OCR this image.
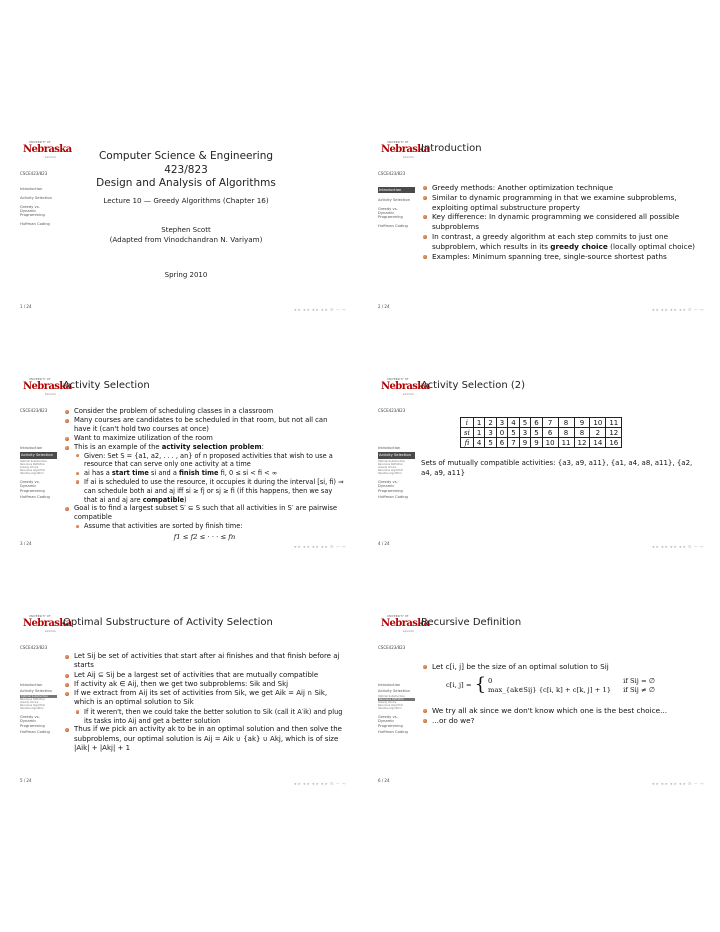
UNIVERSITY OF
Nebraska
Lincoln
CSCE423/823
Introduction
Activity Selection
Greedy vs. Dynamic Programming
Huffman Coding
1 / 24
Computer Science & Engineering 423/823
Design and Analysis of Algorithms
Lecture 10 — Greedy Algorithms (Chapter 16)
Stephen Scott
(Adapted from Vinodchandran N. Variyam)
Spring 2010
◂ ▸ ◂ ▸ ◂ ▸ ◂ ▸ ≡ ∽ ∾
UNIVERSITY OF
Nebraska
Lincoln
Introduction
CSCE423/823
Introduction
Activity Selection
Greedy vs. Dynamic Programming
Huffman Coding
2 / 24
Greedy methods: Another optimization technique
Similar to dynamic programming in that we examine subproblems, exploiting optimal substructure property
Key difference: In dynamic programming we considered all possible subproblems
In contrast, a greedy algorithm at each step commits to just one subproblem, which results in its greedy choice (locally optimal choice)
Examples: Minimum spanning tree, single-source shortest paths
◂ ▸ ◂ ▸ ◂ ▸ ◂ ▸ ≡ ∽ ∾
UNIVERSITY OF
Nebraska
Lincoln
Activity Selection
CSCE423/823
Introduction
Activity Selection
Optimal Substructure
Recursive Definition
Greedy Choice
Recursive Algorithm
Iterative Algorithm
Greedy vs. Dynamic Programming
Huffman Coding
3 / 24
Consider the problem of scheduling classes in a classroom
Many courses are candidates to be scheduled in that room, but not all can have it (can't hold two courses at once)
Want to maximize utilization of the room
This is an example of the activity selection problem:
Given: Set S = {a1, a2, . . . , an} of n proposed activities that wish to use a resource that can serve only one activity at a time
ai has a start time si and a finish time fi, 0 ≤ si < fi < ∞
If ai is scheduled to use the resource, it occupies it during the interval [si, fi) ⇒ can schedule both ai and aj iff si ≥ fj or sj ≥ fi (if this happens, then we say that ai and aj are compatible)
Goal is to find a largest subset S′ ⊆ S such that all activities in S′ are pairwise compatible
Assume that activities are sorted by finish time:
f1 ≤ f2 ≤ · · · ≤ fn
◂ ▸ ◂ ▸ ◂ ▸ ◂ ▸ ≡ ∽ ∾
UNIVERSITY OF
Nebraska
Lincoln
Activity Selection (2)
CSCE423/823
Introduction
Activity Selection
Optimal Substructure
Recursive Definition
Greedy Choice
Recursive Algorithm
Iterative Algorithm
Greedy vs. Dynamic Programming
Huffman Coding
4 / 24
i	1	2	3	4	5	6	7	8	9	10	11
si	1	3	0	5	3	5	6	8	8	2	12
fi	4	5	6	7	9	9	10	11	12	14	16
Sets of mutually compatible activities: {a3, a9, a11}, {a1, a4, a8, a11}, {a2, a4, a9, a11}
◂ ▸ ◂ ▸ ◂ ▸ ◂ ▸ ≡ ∽ ∾
UNIVERSITY OF
Nebraska
Lincoln
Optimal Substructure of Activity Selection
CSCE423/823
Introduction
Activity Selection
Optimal Substructure
Recursive Definition
Greedy Choice
Recursive Algorithm
Iterative Algorithm
Greedy vs. Dynamic Programming
Huffman Coding
5 / 24
Let Sij be set of activities that start after ai finishes and that finish before aj starts
Let Aij ⊆ Sij be a largest set of activities that are mutually compatible
If activity ak ∈ Aij, then we get two subproblems: Sik and Skj
If we extract from Aij its set of activities from Sik, we get Aik = Aij ∩ Sik, which is an optimal solution to Sik
If it weren't, then we could take the better solution to Sik (call it A′ik) and plug its tasks into Aij and get a better solution
Thus if we pick an activity ak to be in an optimal solution and then solve the subproblems, our optimal solution is Aij = Aik ∪ {ak} ∪ Akj, which is of size |Aik| + |Akj| + 1
◂ ▸ ◂ ▸ ◂ ▸ ◂ ▸ ≡ ∽ ∾
UNIVERSITY OF
Nebraska
Lincoln
Recursive Definition
CSCE423/823
Introduction
Activity Selection
Optimal Substructure
Recursive Definition
Greedy Choice
Recursive Algorithm
Iterative Algorithm
Greedy vs. Dynamic Programming
Huffman Coding
6 / 24
Let c[i, j] be the size of an optimal solution to Sij
c[i, j] =	{	0	if Sij = ∅
		max_{ak∈Sij} {c[i, k] + c[k, j] + 1}	if Sij ≠ ∅
We try all ak since we don't know which one is the best choice...
...or do we?
◂ ▸ ◂ ▸ ◂ ▸ ◂ ▸ ≡ ∽ ∾
